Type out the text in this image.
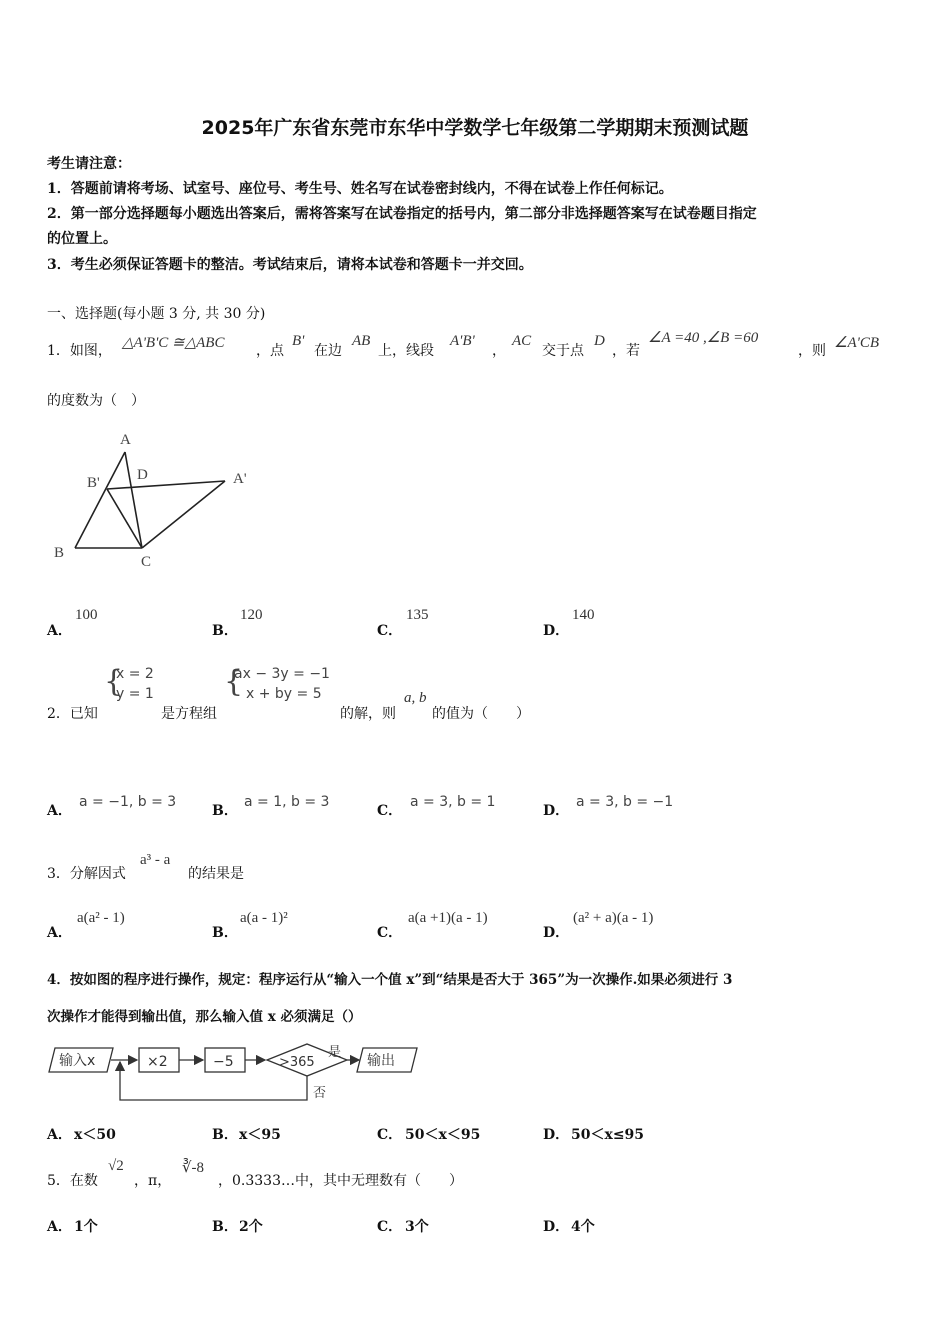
2025年广东省东莞市东华中学数学七年级第二学期期末预测试题
考生请注意：
1．答题前请将考场、试室号、座位号、考生号、姓名写在试卷密封线内，不得在试卷上作任何标记。
2．第一部分选择题每小题选出答案后，需将答案写在试卷指定的括号内，第二部分非选择题答案写在试卷题目指定
的位置上。
3．考生必须保证答题卡的整洁。考试结束后，请将本试卷和答题卡一并交回。
一、选择题(每小题 3 分, 共 30 分)
1．如图， △A'B'C ≅△ABC ，点
B'
在边
AB
上，线段
A'B'
，
AC
交于点
D
，若
∠A =40 ,∠B =60
，则 ∠A'CB
的度数为（　）
A
B' D	A'
B
C
A．
100
B．
120
C．
135
D．
140
{
x = 2
y = 1 {
ax − 3y = −1
x + by = 5
2．已知	是方程组	的解，则
a, b
的值为（　　）
A．
a = −1, b = 3
B．
a = 1, b = 3
C．
a = 3, b = 1
D．
a = 3, b = −1
3．分解因式
a³ - a
的结果是
A．
a(a² - 1)
B．
a(a - 1)²
C．
a(a +1)(a - 1)
D．
(a² + a)(a - 1)
4．按如图的程序进行操作，规定：程序运行从“输入一个值 x”到“结果是否大于 365”为一次操作.如果必须进行 3
次操作才能得到输出值，那么输入值 x 必须满足（）
输入x	×2	−5	>365
是
否
输出
A． x＜50	B． x＜95	C． 50＜x＜95	D． 50＜x≤95
5．在数
√2
，π，
∛-8
，0.3333…中，其中无理数有（　　）
A． 1个	B． 2个	C． 3个	D． 4个
